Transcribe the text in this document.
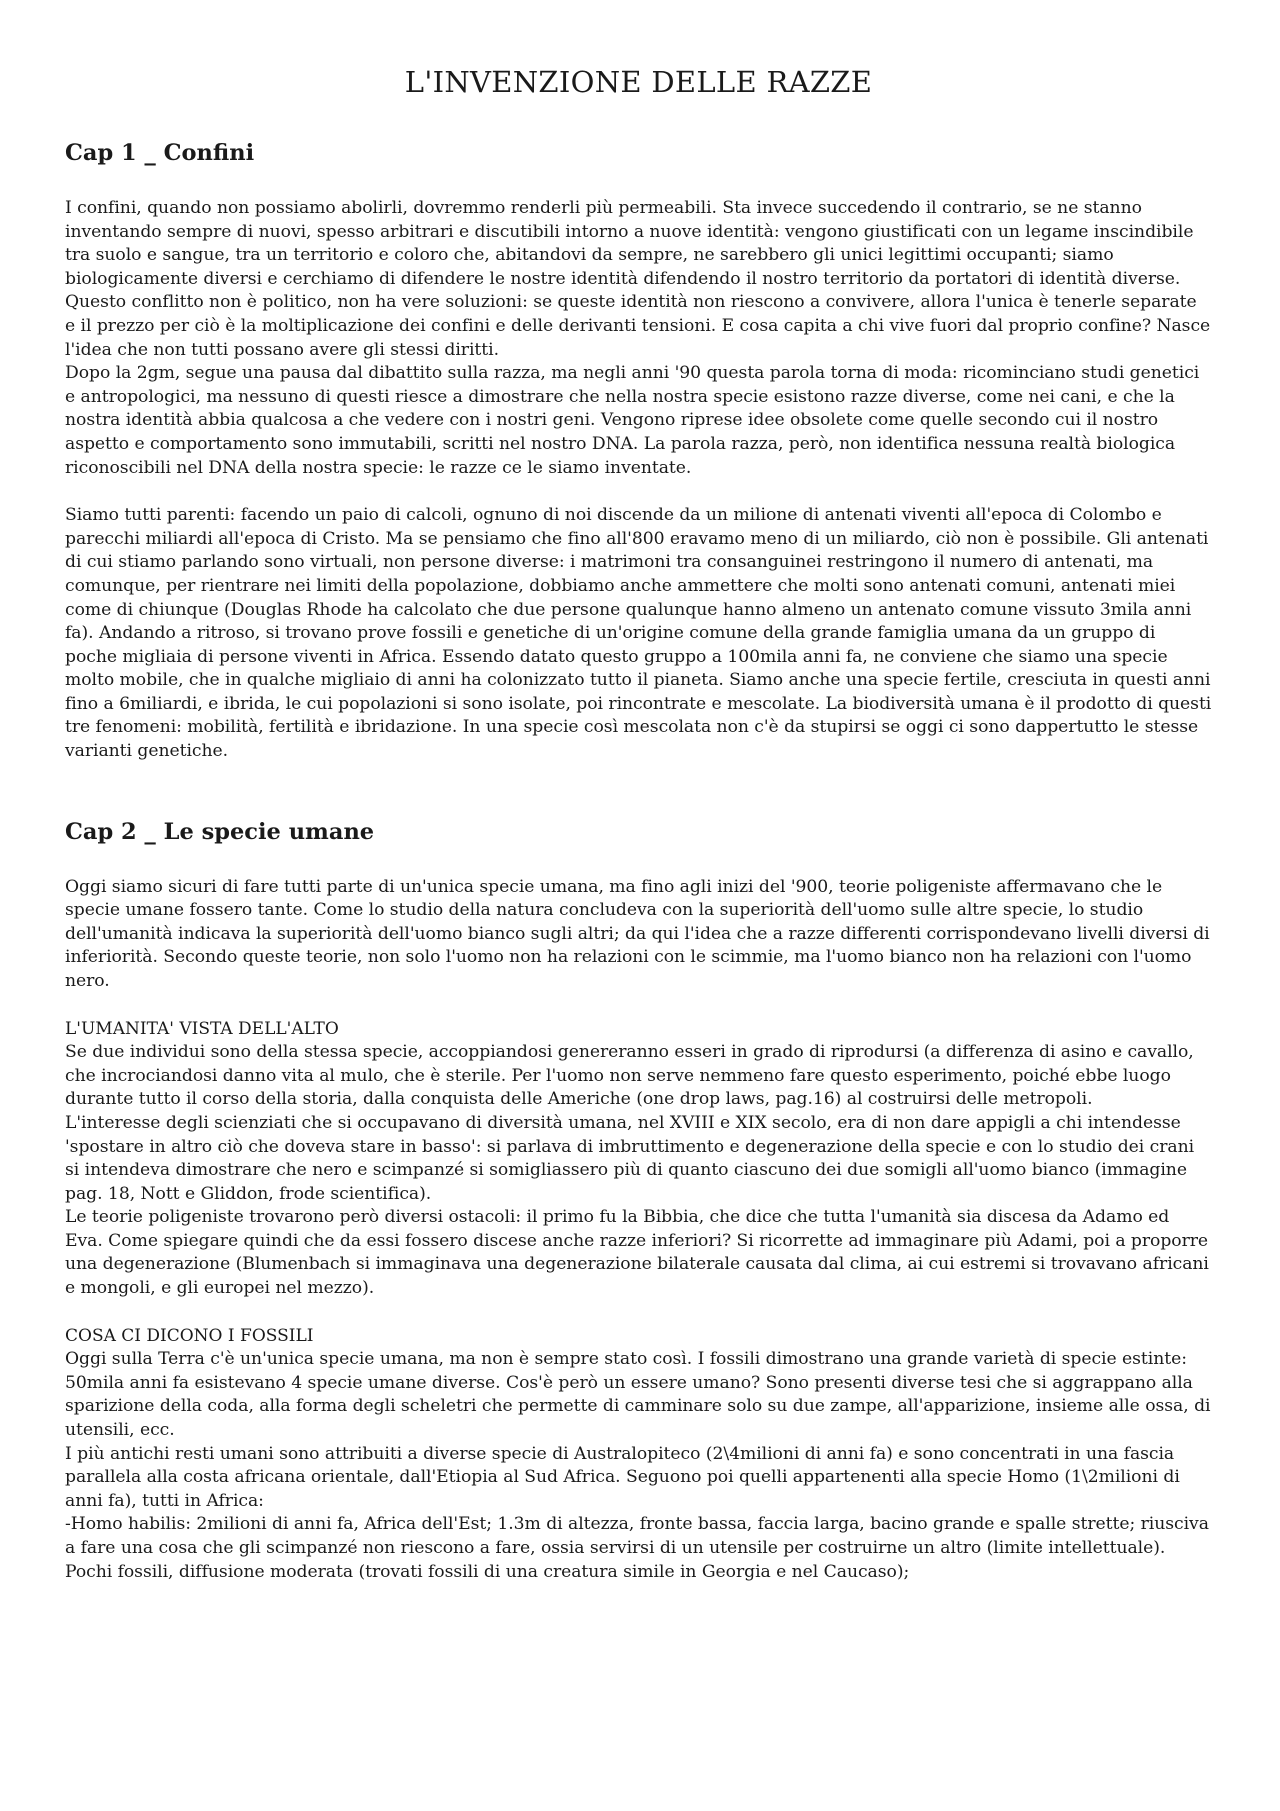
L'INVENZIONE DELLE RAZZE
Cap 1 _ Confini

I confini, quando non possiamo abolirli, dovremmo renderli più permeabili. Sta invece succedendo il contrario, se ne stanno inventando sempre di nuovi, spesso arbitrari e discutibili intorno a nuove identità: vengono giustificati con un legame inscindibile tra suolo e sangue, tra un territorio e coloro che, abitandovi da sempre, ne sarebbero gli unici legittimi occupanti; siamo biologicamente diversi e cerchiamo di difendere le nostre identità difendendo il nostro territorio da portatori di identità diverse. Questo conflitto non è politico, non ha vere soluzioni: se queste identità non riescono a convivere, allora l'unica è tenerle separate e il prezzo per ciò è la moltiplicazione dei confini e delle derivanti tensioni. E cosa capita a chi vive fuori dal proprio confine? Nasce l'idea che non tutti possano avere gli stessi diritti.

Dopo la 2gm, segue una pausa dal dibattito sulla razza, ma negli anni '90 questa parola torna di moda: ricominciano studi genetici e antropologici, ma nessuno di questi riesce a dimostrare che nella nostra specie esistono razze diverse, come nei cani, e che la nostra identità abbia qualcosa a che vedere con i nostri geni. Vengono riprese idee obsolete come quelle secondo cui il nostro aspetto e comportamento sono immutabili, scritti nel nostro DNA. La parola razza, però, non identifica nessuna realtà biologica riconoscibili nel DNA della nostra specie: le razze ce le siamo inventate.

Siamo tutti parenti: facendo un paio di calcoli, ognuno di noi discende da un milione di antenati viventi all'epoca di Colombo e parecchi miliardi all'epoca di Cristo. Ma se pensiamo che fino all'800 eravamo meno di un miliardo, ciò non è possibile. Gli antenati di cui stiamo parlando sono virtuali, non persone diverse: i matrimoni tra consanguinei restringono il numero di antenati, ma comunque, per rientrare nei limiti della popolazione, dobbiamo anche ammettere che molti sono antenati comuni, antenati miei come di chiunque (Douglas Rhode ha calcolato che due persone qualunque hanno almeno un antenato comune vissuto 3mila anni fa). Andando a ritroso, si trovano prove fossili e genetiche di un'origine comune della grande famiglia umana da un gruppo di poche migliaia di persone viventi in Africa. Essendo datato questo gruppo a 100mila anni fa, ne conviene che siamo una specie molto mobile, che in qualche migliaio di anni ha colonizzato tutto il pianeta. Siamo anche una specie fertile, cresciuta in questi anni fino a 6miliardi, e ibrida, le cui popolazioni si sono isolate, poi rincontrate e mescolate. La biodiversità umana è il prodotto di questi tre fenomeni: mobilità, fertilità e ibridazione. In una specie così mescolata non c'è da stupirsi se oggi ci sono dappertutto le stesse varianti genetiche.

Cap 2 _ Le specie umane

Oggi siamo sicuri di fare tutti parte di un'unica specie umana, ma fino agli inizi del '900, teorie poligeniste affermavano che le specie umane fossero tante. Come lo studio della natura concludeva con la superiorità dell'uomo sulle altre specie, lo studio dell'umanità indicava la superiorità dell'uomo bianco sugli altri; da qui l'idea che a razze differenti corrispondevano livelli diversi di inferiorità. Secondo queste teorie, non solo l'uomo non ha relazioni con le scimmie, ma l'uomo bianco non ha relazioni con l'uomo nero.

L'UMANITA' VISTA DELL'ALTO

Se due individui sono della stessa specie, accoppiandosi genereranno esseri in grado di riprodursi (a differenza di asino e cavallo, che incrociandosi danno vita al mulo, che è sterile. Per l'uomo non serve nemmeno fare questo esperimento, poiché ebbe luogo durante tutto il corso della storia, dalla conquista delle Americhe (one drop laws, pag.16) al costruirsi delle metropoli.

L'interesse degli scienziati che si occupavano di diversità umana, nel XVIII e XIX secolo, era di non dare appigli a chi intendesse 'spostare in altro ciò che doveva stare in basso': si parlava di imbruttimento e degenerazione della specie e con lo studio dei crani si intendeva dimostrare che nero e scimpanzé si somigliassero più di quanto ciascuno dei due somigli all'uomo bianco (immagine pag. 18, Nott e Gliddon, frode scientifica).

Le teorie poligeniste trovarono però diversi ostacoli: il primo fu la Bibbia, che dice che tutta l'umanità sia discesa da Adamo ed Eva. Come spiegare quindi che da essi fossero discese anche razze inferiori? Si ricorrette ad immaginare più Adami, poi a proporre una degenerazione (Blumenbach si immaginava una degenerazione bilaterale causata dal clima, ai cui estremi si trovavano africani e mongoli, e gli europei nel mezzo).

COSA CI DICONO I FOSSILI

Oggi sulla Terra c'è un'unica specie umana, ma non è sempre stato così. I fossili dimostrano una grande varietà di specie estinte: 50mila anni fa esistevano 4 specie umane diverse. Cos'è però un essere umano? Sono presenti diverse tesi che si aggrappano alla sparizione della coda, alla forma degli scheletri che permette di camminare solo su due zampe, all'apparizione, insieme alle ossa, di utensili, ecc.

I più antichi resti umani sono attribuiti a diverse specie di Australopiteco (2\4milioni di anni fa) e sono concentrati in una fascia parallela alla costa africana orientale, dall'Etiopia al Sud Africa. Seguono poi quelli appartenenti alla specie Homo (1\2milioni di anni fa), tutti in Africa:

-Homo habilis: 2milioni di anni fa, Africa dell'Est; 1.3m di altezza, fronte bassa, faccia larga, bacino grande e spalle strette; riusciva a fare una cosa che gli scimpanzé non riescono a fare, ossia servirsi di un utensile per costruirne un altro (limite intellettuale). Pochi fossili, diffusione moderata (trovati fossili di una creatura simile in Georgia e nel Caucaso);
